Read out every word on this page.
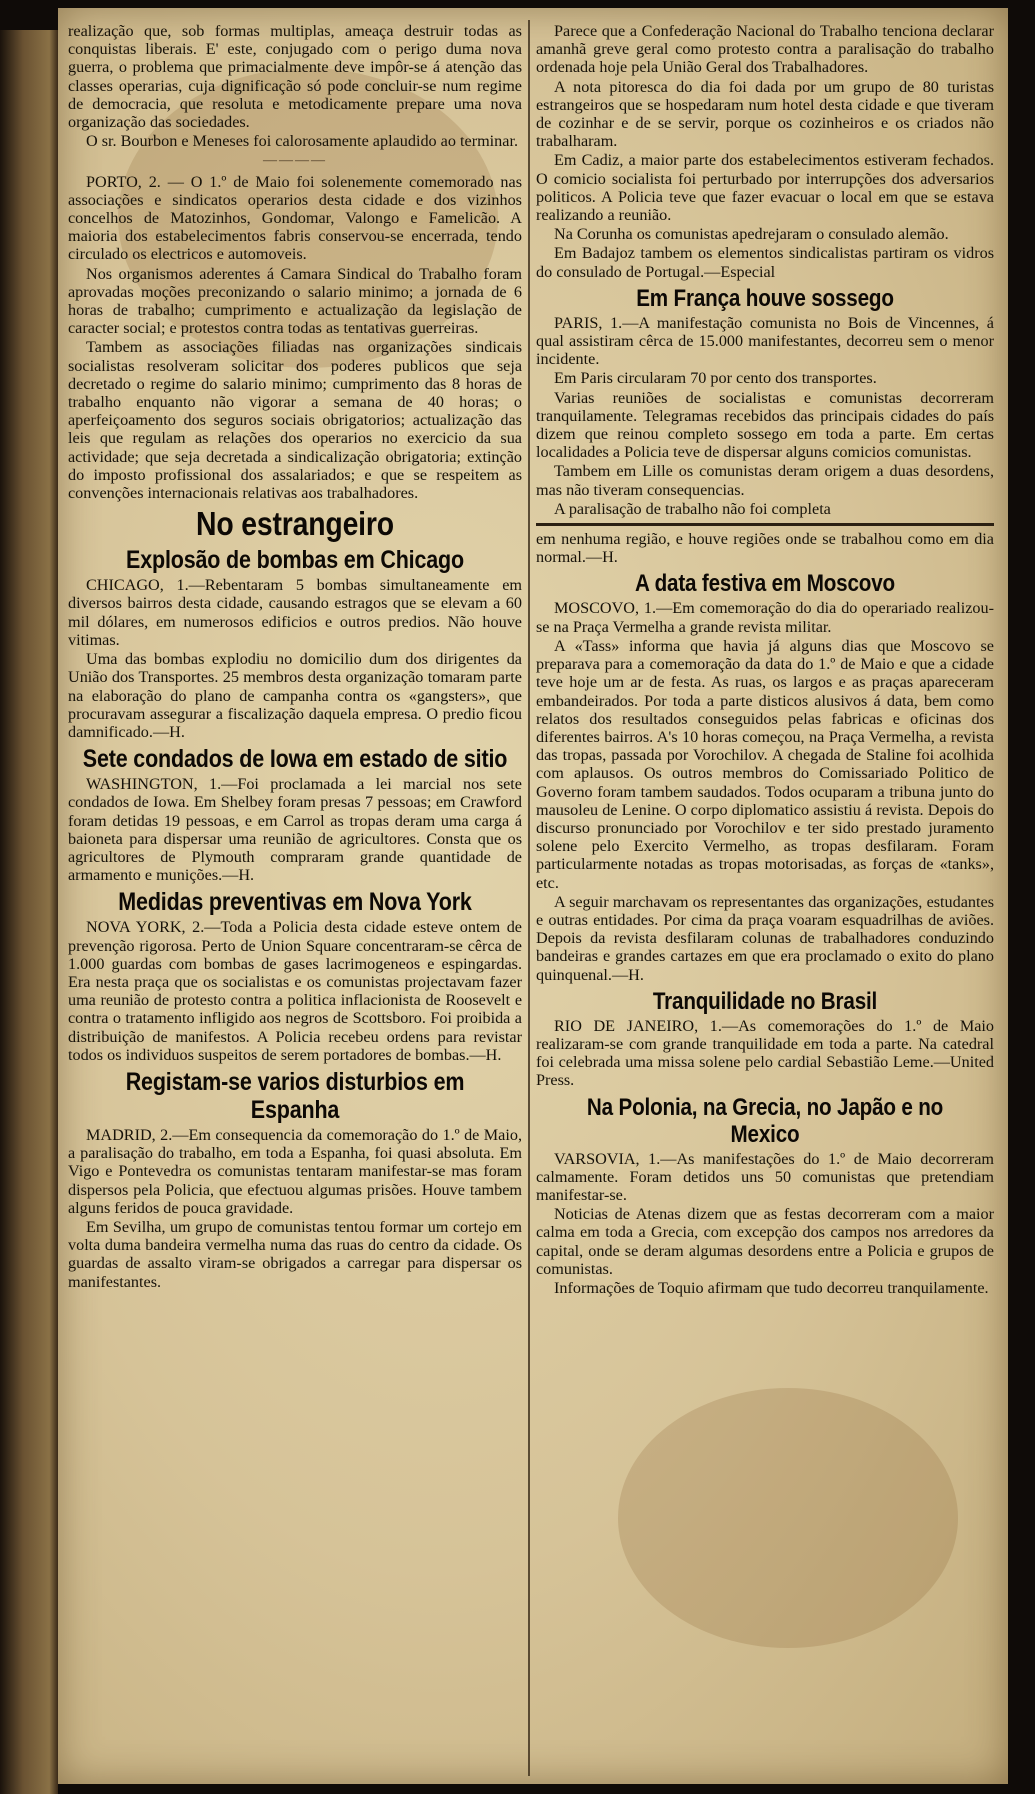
realização que, sob formas multiplas, ameaça destruir todas as conquistas liberais. E' este, conjugado com o perigo duma nova guerra, o problema que primacialmente deve impôr-se á atenção das classes operarias, cuja dignificação só pode concluir-se num regime de democracia, que resoluta e metodicamente prepare uma nova organização das sociedades.

O sr. Bourbon e Meneses foi calorosamente aplaudido ao terminar.

――――

PORTO, 2. — O 1.º de Maio foi solenemente comemorado nas associações e sindicatos operarios desta cidade e dos vizinhos concelhos de Matozinhos, Gondomar, Valongo e Famelicão. A maioria dos estabelecimentos fabris conservou-se encerrada, tendo circulado os electricos e automoveis.

Nos organismos aderentes á Camara Sindical do Trabalho foram aprovadas moções preconizando o salario minimo; a jornada de 6 horas de trabalho; cumprimento e actualização da legislação de caracter social; e protestos contra todas as tentativas guerreiras.

Tambem as associações filiadas nas organizações sindicais socialistas resolveram solicitar dos poderes publicos que seja decretado o regime do salario minimo; cumprimento das 8 horas de trabalho enquanto não vigorar a semana de 40 horas; o aperfeiçoamento dos seguros sociais obrigatorios; actualização das leis que regulam as relações dos operarios no exercicio da sua actividade; que seja decretada a sindicalização obrigatoria; extinção do imposto profissional dos assalariados; e que se respeitem as convenções internacionais relativas aos trabalhadores.

No estrangeiro
Explosão de bombas em Chicago

CHICAGO, 1.—Rebentaram 5 bombas simultaneamente em diversos bairros desta cidade, causando estragos que se elevam a 60 mil dólares, em numerosos edificios e outros predios. Não houve vitimas.

Uma das bombas explodiu no domicilio dum dos dirigentes da União dos Transportes. 25 membros desta organização tomaram parte na elaboração do plano de campanha contra os «gangsters», que procuravam assegurar a fiscalização daquela empresa. O predio ficou damnificado.—H.

Sete condados de Iowa em estado de sitio

WASHINGTON, 1.—Foi proclamada a lei marcial nos sete condados de Iowa. Em Shelbey foram presas 7 pessoas; em Crawford foram detidas 19 pessoas, e em Carrol as tropas deram uma carga á baioneta para dispersar uma reunião de agricultores. Consta que os agricultores de Plymouth compraram grande quantidade de armamento e munições.—H.

Medidas preventivas em Nova York

NOVA YORK, 2.—Toda a Policia desta cidade esteve ontem de prevenção rigorosa. Perto de Union Square concentraram-se cêrca de 1.000 guardas com bombas de gases lacrimogeneos e espingardas. Era nesta praça que os socialistas e os comunistas projectavam fazer uma reunião de protesto contra a politica inflacionista de Roosevelt e contra o tratamento infligido aos negros de Scottsboro. Foi proibida a distribuição de manifestos. A Policia recebeu ordens para revistar todos os individuos suspeitos de serem portadores de bombas.—H.

Registam-se varios disturbios em Espanha

MADRID, 2.—Em consequencia da comemoração do 1.º de Maio, a paralisação do trabalho, em toda a Espanha, foi quasi absoluta. Em Vigo e Pontevedra os comunistas tentaram manifestar-se mas foram dispersos pela Policia, que efectuou algumas prisões. Houve tambem alguns feridos de pouca gravidade.

Em Sevilha, um grupo de comunistas tentou formar um cortejo em volta duma bandeira vermelha numa das ruas do centro da cidade. Os guardas de assalto viram-se obrigados a carregar para dispersar os manifestantes.

Parece que a Confederação Nacional do Trabalho tenciona declarar amanhã greve geral como protesto contra a paralisação do trabalho ordenada hoje pela União Geral dos Trabalhadores.

A nota pitoresca do dia foi dada por um grupo de 80 turistas estrangeiros que se hospedaram num hotel desta cidade e que tiveram de cozinhar e de se servir, porque os cozinheiros e os criados não trabalharam.

Em Cadiz, a maior parte dos estabelecimentos estiveram fechados. O comicio socialista foi perturbado por interrupções dos adversarios politicos. A Policia teve que fazer evacuar o local em que se estava realizando a reunião.

Na Corunha os comunistas apedrejaram o consulado alemão.

Em Badajoz tambem os elementos sindicalistas partiram os vidros do consulado de Portugal.—Especial

Em França houve sossego

PARIS, 1.—A manifestação comunista no Bois de Vincennes, á qual assistiram cêrca de 15.000 manifestantes, decorreu sem o menor incidente.

Em Paris circularam 70 por cento dos transportes.

Varias reuniões de socialistas e comunistas decorreram tranquilamente. Telegramas recebidos das principais cidades do país dizem que reinou completo sossego em toda a parte. Em certas localidades a Policia teve de dispersar alguns comicios comunistas.

Tambem em Lille os comunistas deram origem a duas desordens, mas não tiveram consequencias.

A paralisação de trabalho não foi completa

em nenhuma região, e houve regiões onde se trabalhou como em dia normal.—H.

A data festiva em Moscovo

MOSCOVO, 1.—Em comemoração do dia do operariado realizou-se na Praça Vermelha a grande revista militar.

A «Tass» informa que havia já alguns dias que Moscovo se preparava para a comemoração da data do 1.º de Maio e que a cidade teve hoje um ar de festa. As ruas, os largos e as praças apareceram embandeirados. Por toda a parte disticos alusivos á data, bem como relatos dos resultados conseguidos pelas fabricas e oficinas dos diferentes bairros. A's 10 horas começou, na Praça Vermelha, a revista das tropas, passada por Vorochilov. A chegada de Staline foi acolhida com aplausos. Os outros membros do Comissariado Politico de Governo foram tambem saudados. Todos ocuparam a tribuna junto do mausoleu de Lenine. O corpo diplomatico assistiu á revista. Depois do discurso pronunciado por Vorochilov e ter sido prestado juramento solene pelo Exercito Vermelho, as tropas desfilaram. Foram particularmente notadas as tropas motorisadas, as forças de «tanks», etc.

A seguir marchavam os representantes das organizações, estudantes e outras entidades. Por cima da praça voaram esquadrilhas de aviões. Depois da revista desfilaram colunas de trabalhadores conduzindo bandeiras e grandes cartazes em que era proclamado o exito do plano quinquenal.—H.

Tranquilidade no Brasil

RIO DE JANEIRO, 1.—As comemorações do 1.º de Maio realizaram-se com grande tranquilidade em toda a parte. Na catedral foi celebrada uma missa solene pelo cardial Sebastião Leme.—United Press.

Na Polonia, na Grecia, no Japão e no Mexico

VARSOVIA, 1.—As manifestações do 1.º de Maio decorreram calmamente. Foram detidos uns 50 comunistas que pretendiam manifestar-se.

Noticias de Atenas dizem que as festas decorreram com a maior calma em toda a Grecia, com excepção dos campos nos arredores da capital, onde se deram algumas desordens entre a Policia e grupos de comunistas.

Informações de Toquio afirmam que tudo decorreu tranquilamente.
